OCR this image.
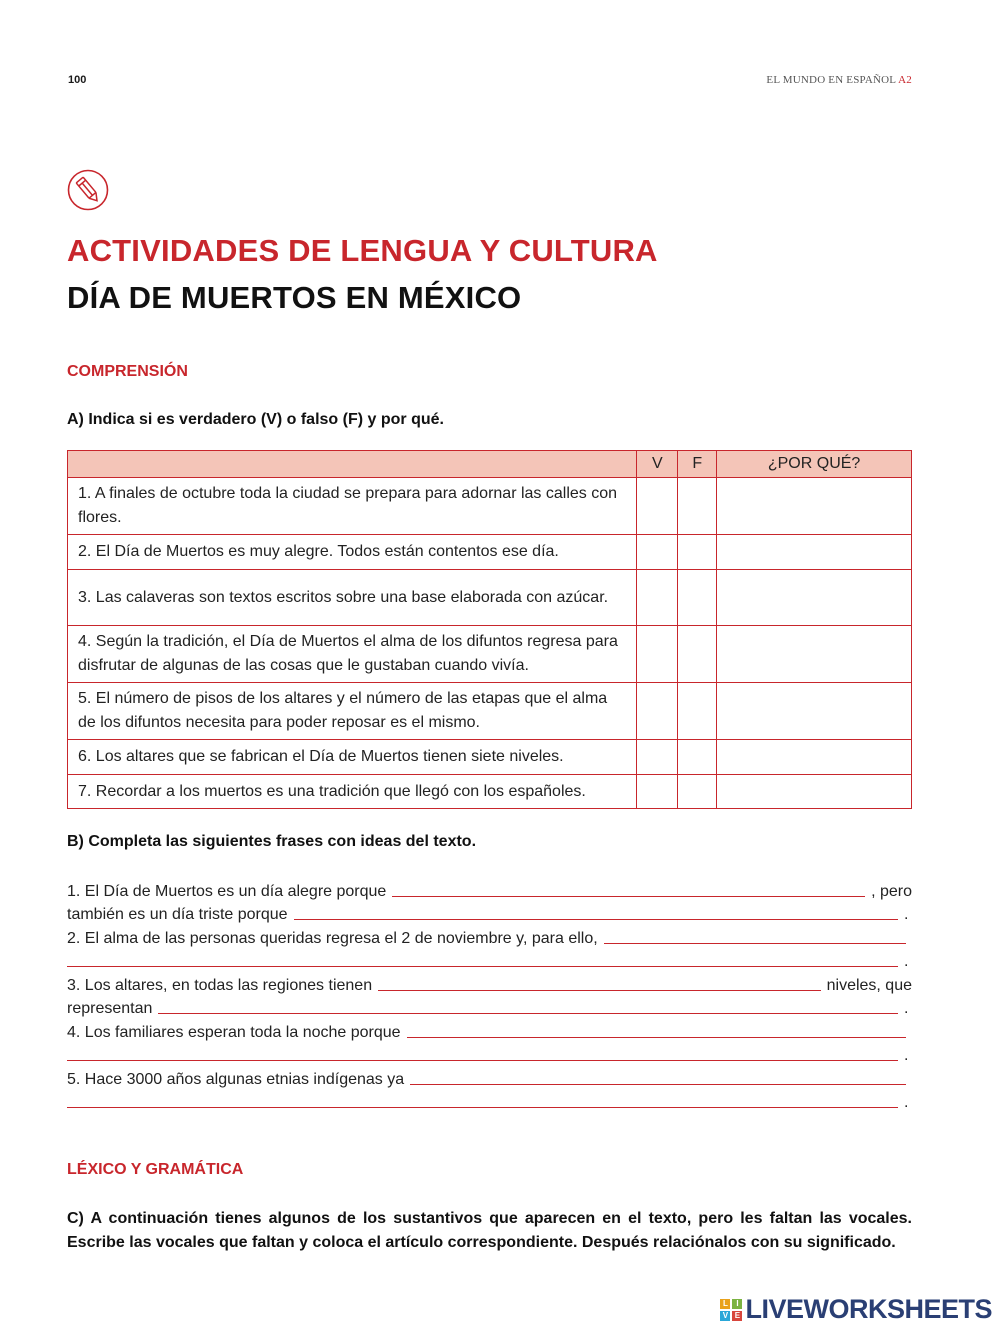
100	EL MUNDO EN ESPAÑOL A2
ACTIVIDADES DE LENGUA Y CULTURA
DÍA DE MUERTOS EN MÉXICO
COMPRENSIÓN
A) Indica si es verdadero (V) o falso (F) y por qué.
	V	F	¿POR QUÉ?
1. A finales de octubre toda la ciudad se prepara para adornar las calles con flores.			
2. El Día de Muertos es muy alegre. Todos están contentos ese día.			
3. Las calaveras son textos escritos sobre una base elaborada con azúcar.			
4. Según la tradición, el Día de Muertos el alma de los difuntos regresa para disfrutar de algunas de las cosas que le gustaban cuando vivía.			
5. El número de pisos de los altares y el número de las etapas que el alma de los difuntos necesita para poder reposar es el mismo.			
6. Los altares que se fabrican el Día de Muertos tienen siete niveles.			
7. Recordar a los muertos es una tradición que llegó con los españoles.			
B) Completa las siguientes frases con ideas del texto.
1. El Día de Muertos es un día alegre porque	, pero
también es un día triste porque	.
2. El alma de las personas queridas regresa el 2 de noviembre y, para ello,
.
3. Los altares, en todas las regiones tienen	niveles, que
representan	.
4. Los familiares esperan toda la noche porque
.
5. Hace 3000 años algunas etnias indígenas ya
.
LÉXICO Y GRAMÁTICA
C) A continuación tienes algunos de los sustantivos que aparecen en el texto, pero les faltan las vocales. Escribe las vocales que faltan y coloca el artículo correspondiente. Después relaciónalos con su significado.
L	I
V E LIVEWORKSHEETS
